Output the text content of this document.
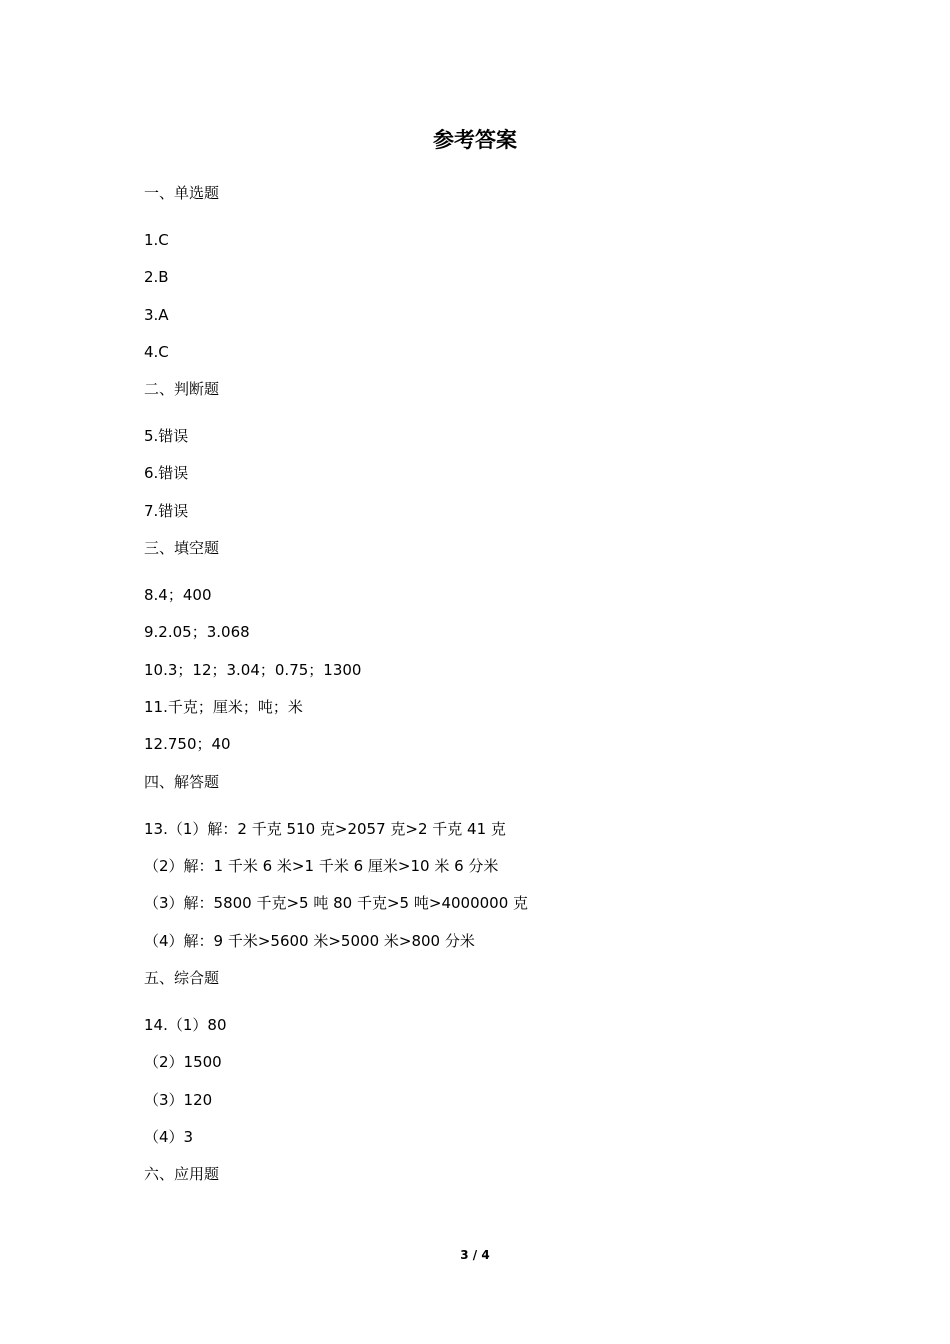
参考答案
一、单选题
1.C
2.B
3.A
4.C
二、判断题
5.错误
6.错误
7.错误
三、填空题
8.4；400
9.2.05；3.068
10.3；12；3.04；0.75；1300
11.千克；厘米；吨；米
12.750；40
四、解答题
13.（1）解：2 千克 510 克>2057 克>2 千克 41 克
（2）解：1 千米 6 米>1 千米 6 厘米>10 米 6 分米
（3）解：5800 千克>5 吨 80 千克>5 吨>4000000 克
（4）解：9 千米>5600 米>5000 米>800 分米
五、综合题
14.（1）80
（2）1500
（3）120
（4）3
六、应用题
3 / 4
